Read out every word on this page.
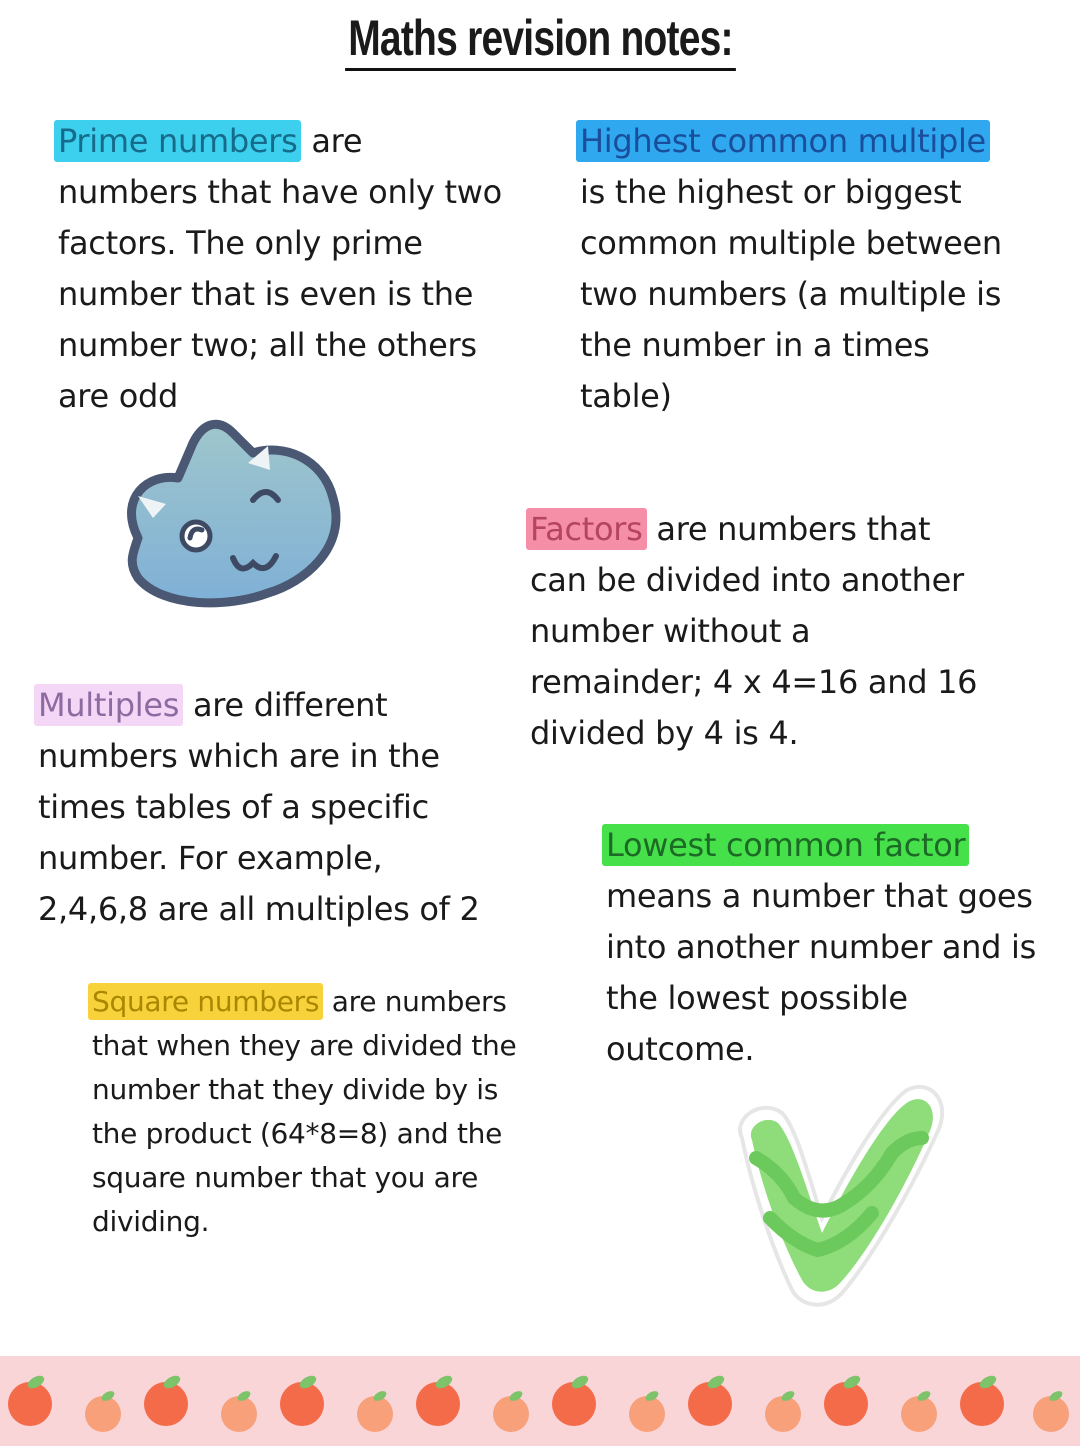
Maths revision notes:
Prime numbers are
numbers that have only two
factors. The only prime
number that is even is the
number two; all the others
are odd
Highest common multiple
is the highest or biggest
common multiple between
two numbers (a multiple is
the number in a times
table)
Factors are numbers that
can be divided into another
number without a
remainder; 4 x 4=16 and 16
divided by 4 is 4.
Multiples are different
numbers which are in the
times tables of a specific
number. For example,
2,4,6,8 are all multiples of 2
Lowest common factor
means a number that goes
into another number and is
the lowest possible
outcome.
Square numbers are numbers
that when they are divided the
number that they divide by is
the product (64*8=8) and the
square number that you are
dividing.
